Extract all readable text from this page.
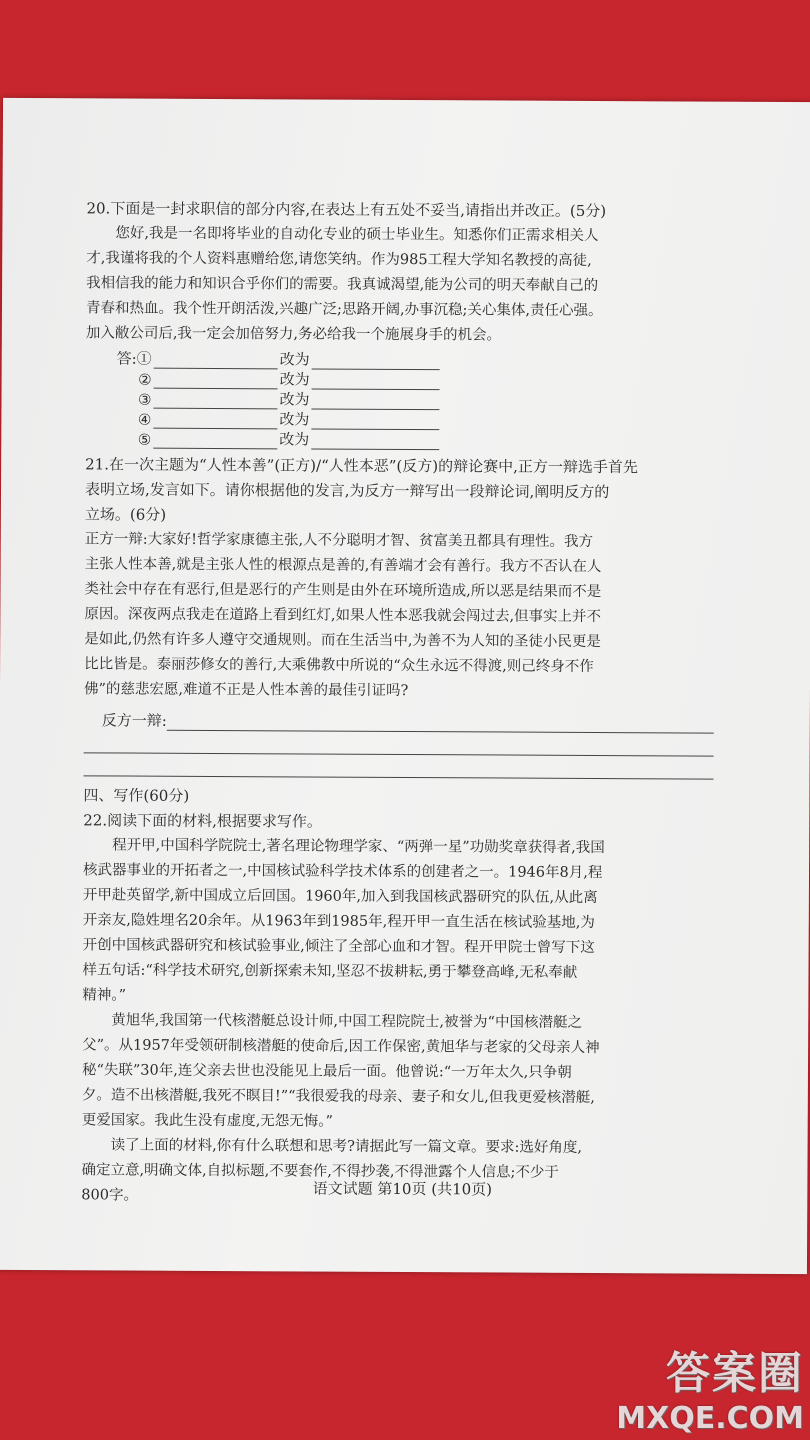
20.下面是一封求职信的部分内容,在表达上有五处不妥当,请指出并改正。(5分)

您好,我是一名即将毕业的自动化专业的硕士毕业生。知悉你们正需求相关人

才,我谨将我的个人资料惠赠给您,请您笑纳。作为985工程大学知名教授的高徒,

我相信我的能力和知识合乎你们的需要。我真诚渴望,能为公司的明天奉献自己的

青春和热血。我个性开朗活泼,兴趣广泛;思路开阔,办事沉稳;关心集体,责任心强。

加入敝公司后,我一定会加倍努力,务必给我一个施展身手的机会。

答:①	改为
②	改为
③	改为
④	改为
⑤	改为

21.在一次主题为“人性本善”(正方)/“人性本恶”(反方)的辩论赛中,正方一辩选手首先

表明立场,发言如下。请你根据他的发言,为反方一辩写出一段辩论词,阐明反方的

立场。(6分)

正方一辩:大家好!哲学家康德主张,人不分聪明才智、贫富美丑都具有理性。我方

主张人性本善,就是主张人性的根源点是善的,有善端才会有善行。我方不否认在人

类社会中存在有恶行,但是恶行的产生则是由外在环境所造成,所以恶是结果而不是

原因。深夜两点我走在道路上看到红灯,如果人性本恶我就会闯过去,但事实上并不

是如此,仍然有许多人遵守交通规则。而在生活当中,为善不为人知的圣徒小民更是

比比皆是。泰丽莎修女的善行,大乘佛教中所说的“众生永远不得渡,则己终身不作

佛”的慈悲宏愿,难道不正是人性本善的最佳引证吗?

反方一辩:
四、写作(60分)

22.阅读下面的材料,根据要求写作。

程开甲,中国科学院院士,著名理论物理学家、“两弹一星”功勋奖章获得者,我国

核武器事业的开拓者之一,中国核试验科学技术体系的创建者之一。1946年8月,程

开甲赴英留学,新中国成立后回国。1960年,加入到我国核武器研究的队伍,从此离

开亲友,隐姓埋名20余年。从1963年到1985年,程开甲一直生活在核试验基地,为

开创中国核武器研究和核试验事业,倾注了全部心血和才智。程开甲院士曾写下这

样五句话:“科学技术研究,创新探索未知,坚忍不拔耕耘,勇于攀登高峰,无私奉献

精神。”

黄旭华,我国第一代核潜艇总设计师,中国工程院院士,被誉为“中国核潜艇之

父”。从1957年受领研制核潜艇的使命后,因工作保密,黄旭华与老家的父母亲人神

秘“失联”30年,连父亲去世也没能见上最后一面。他曾说:“一万年太久,只争朝

夕。造不出核潜艇,我死不瞑目!”“我很爱我的母亲、妻子和女儿,但我更爱核潜艇,

更爱国家。我此生没有虚度,无怨无悔。”

读了上面的材料,你有什么联想和思考?请据此写一篇文章。要求:选好角度,

确定立意,明确文体,自拟标题,不要套作,不得抄袭,不得泄露个人信息;不少于

800字。	语文试题 第10页 (共10页)
答案圈
MXQE.COM
